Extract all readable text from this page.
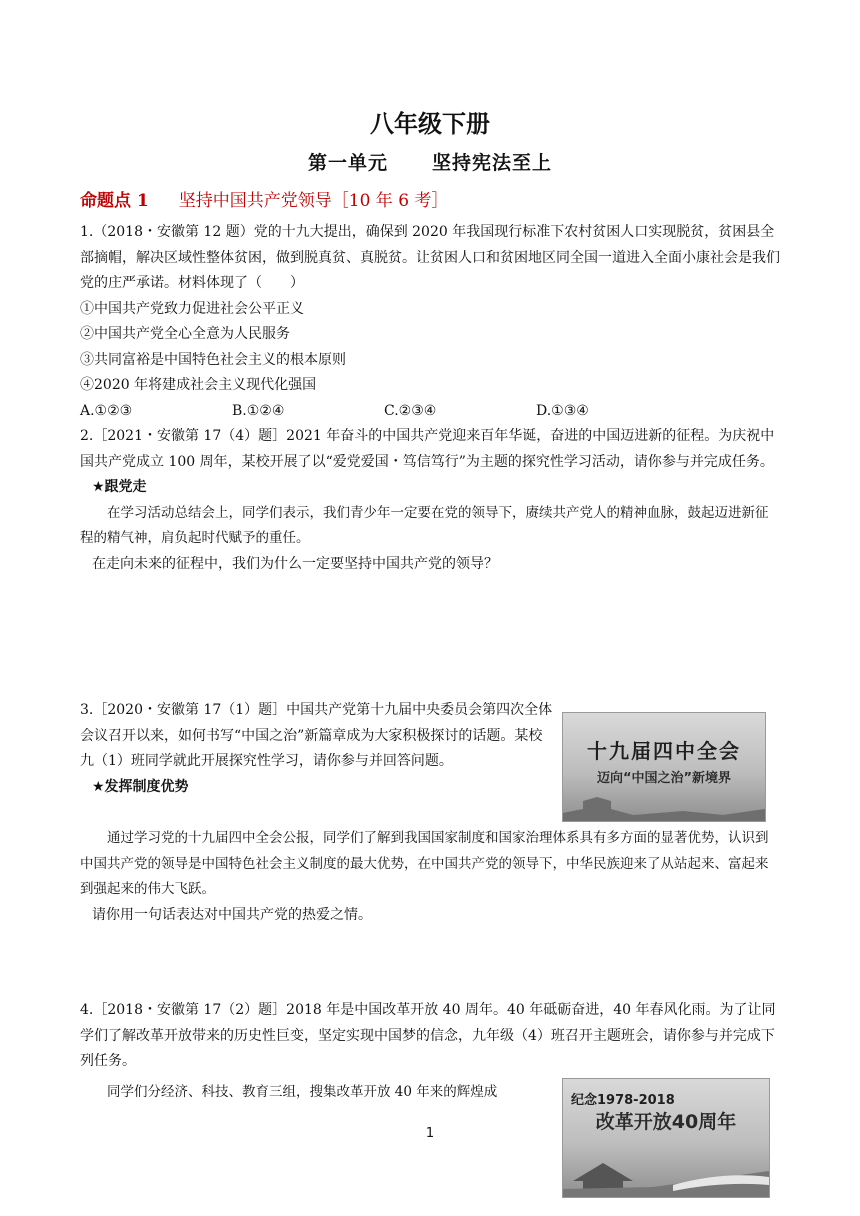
八年级下册
第一单元 坚持宪法至上
命题点 1 坚持中国共产党领导［10 年 6 考］

1.（2018・安徽第 12 题）党的十九大提出，确保到 2020 年我国现行标准下农村贫困人口实现脱贫，贫困县全部摘帽，解决区域性整体贫困，做到脱真贫、真脱贫。让贫困人口和贫困地区同全国一道进入全面小康社会是我们党的庄严承诺。材料体现了（　　）

①中国共产党致力促进社会公平正义

②中国共产党全心全意为人民服务

③共同富裕是中国特色社会主义的根本原则

④2020 年将建成社会主义现代化强国

A.①②③	B.①②④	C.②③④	D.①③④

2.［2021・安徽第 17（4）题］2021 年奋斗的中国共产党迎来百年华诞，奋进的中国迈进新的征程。为庆祝中国共产党成立 100 周年，某校开展了以“爱党爱国・笃信笃行”为主题的探究性学习活动，请你参与并完成任务。

★跟党走

在学习活动总结会上，同学们表示，我们青少年一定要在党的领导下，赓续共产党人的精神血脉，鼓起迈进新征程的精气神，肩负起时代赋予的重任。

在走向未来的征程中，我们为什么一定要坚持中国共产党的领导？

3.［2020・安徽第 17（1）题］中国共产党第十九届中央委员会第四次全体会议召开以来，如何书写“中国之治”新篇章成为大家积极探讨的话题。某校九（1）班同学就此开展探究性学习，请你参与并回答问题。

★发挥制度优势

十九届四中全会
迈向“中国之治”新境界

通过学习党的十九届四中全会公报，同学们了解到我国国家制度和国家治理体系具有多方面的显著优势，认识到中国共产党的领导是中国特色社会主义制度的最大优势，在中国共产党的领导下，中华民族迎来了从站起来、富起来到强起来的伟大飞跃。

请你用一句话表达对中国共产党的热爱之情。

4.［2018・安徽第 17（2）题］2018 年是中国改革开放 40 周年。40 年砥砺奋进，40 年春风化雨。为了让同学们了解改革开放带来的历史性巨变，坚定实现中国梦的信念，九年级（4）班召开主题班会，请你参与并完成下列任务。

同学们分经济、科技、教育三组，搜集改革开放 40 年来的辉煌成

纪念1978-2018
改革开放40周年
1
